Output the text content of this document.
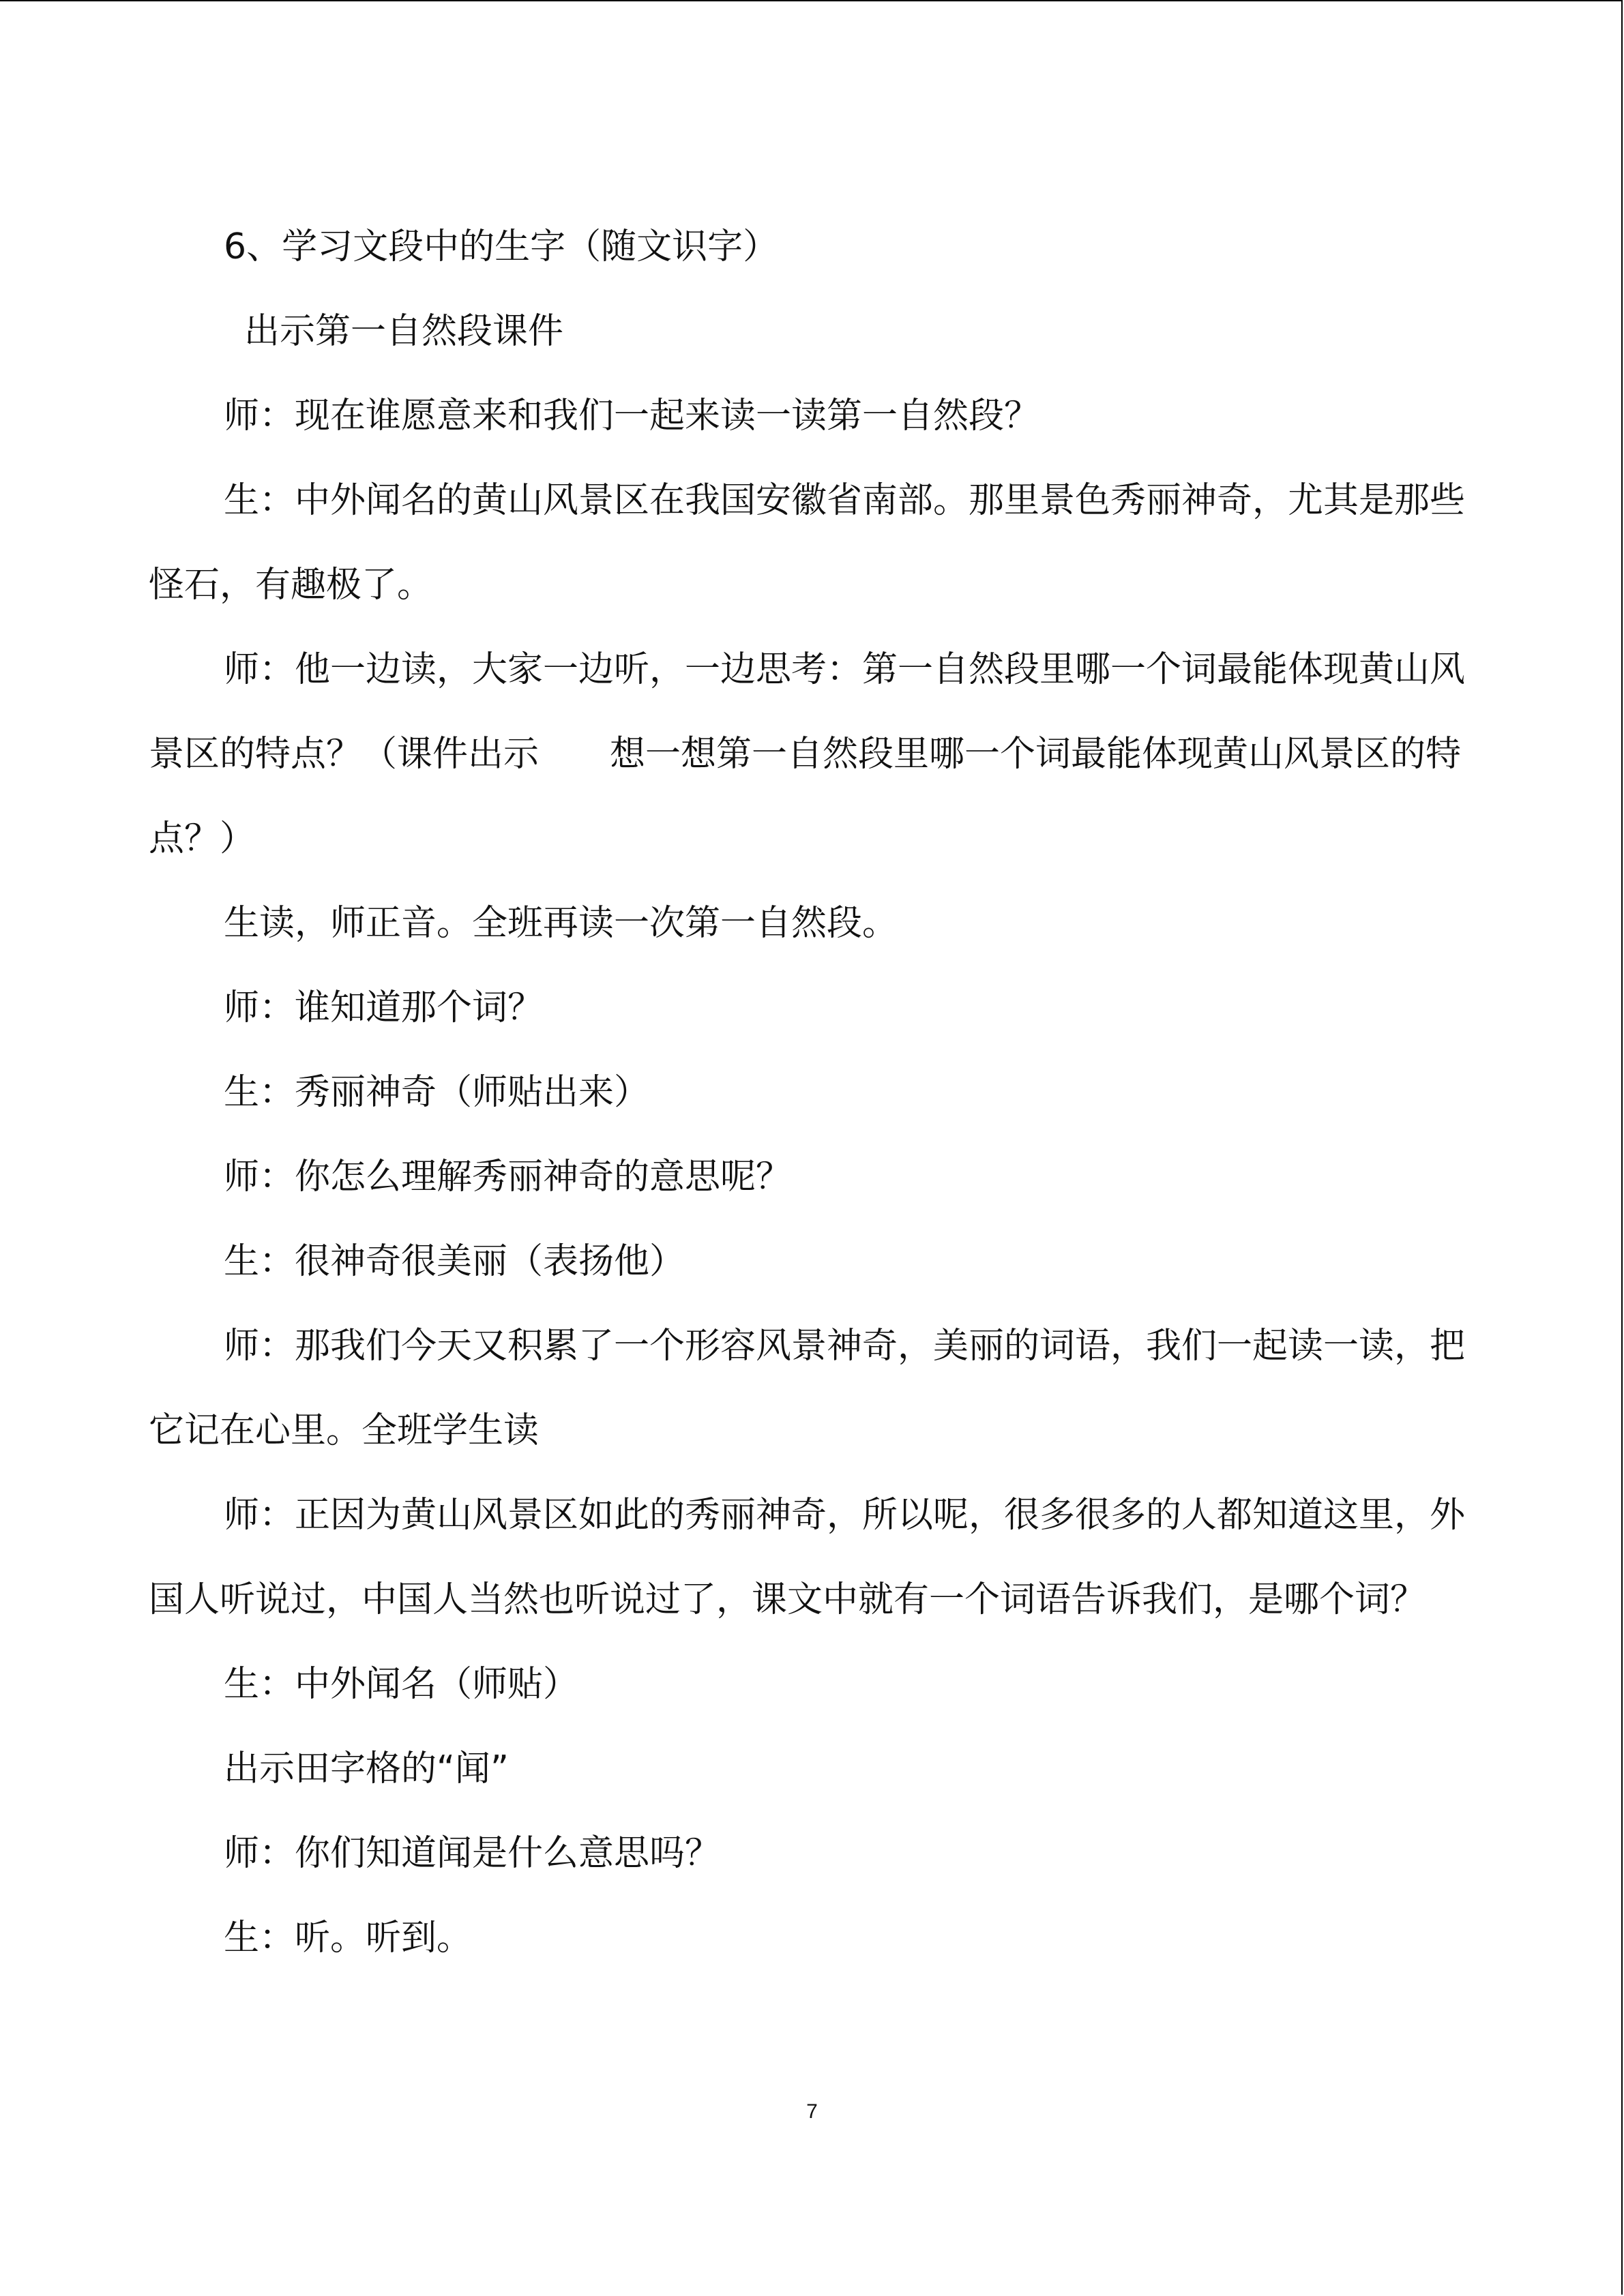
6、学习文段中的生字（随文识字）

出示第一自然段课件

师：现在谁愿意来和我们一起来读一读第一自然段？

生：中外闻名的黄山风景区在我国安徽省南部。那里景色秀丽神奇，尤其是那些怪石，有趣极了。

师：他一边读，大家一边听，一边思考：第一自然段里哪一个词最能体现黄山风景区的特点？（课件出示　　想一想第一自然段里哪一个词最能体现黄山风景区的特点？）

生读，师正音。全班再读一次第一自然段。

师：谁知道那个词？

生：秀丽神奇（师贴出来）

师：你怎么理解秀丽神奇的意思呢？

生：很神奇很美丽（表扬他）

师：那我们今天又积累了一个形容风景神奇，美丽的词语，我们一起读一读，把它记在心里。全班学生读

师：正因为黄山风景区如此的秀丽神奇，所以呢，很多很多的人都知道这里，外国人听说过，中国人当然也听说过了，课文中就有一个词语告诉我们，是哪个词？

生：中外闻名（师贴）

出示田字格的“闻”

师：你们知道闻是什么意思吗？

生：听。听到。

7
